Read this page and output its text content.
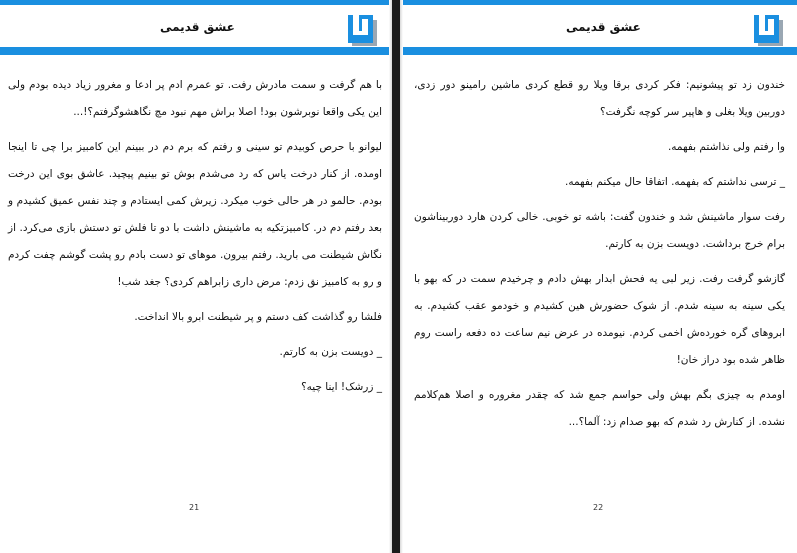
عشق قدیمی

با هم گرفت و سمت مادرش رفت. تو عمرم ادم پر ادعا و مغرور زیاد دیده بودم ولی این یکی واقعا نوبرشون بود! اصلا براش مهم نبود مچ نگاهشوگرفتم؟!...

لیوانو با حرص کوبیدم تو سینی و رفتم که برم دم در ببینم این کامبیز برا چی تا اینجا اومده. از کنار درخت یاس که رد می‌شدم بوش تو بینیم پیچید. عاشق بوی این درخت بودم. حالمو در هر حالی خوب میکرد. زیرش کمی ایستادم و چند نفس عمیق کشیدم و بعد رفتم دم در. کامبیزتکیه به ماشینش داشت با دو تا فلش تو دستش بازی می‌کرد. از نگاش شیطنت می بارید. رفتم بیرون. موهای تو دست بادم رو پشت گوشم چفت کردم و رو به کامبیز نق زدم: مرض داری زابراهم کردی؟ جغد شب!

فلشا رو گذاشت کف دستم و پر شیطنت ابرو بالا انداخت.

_ دویست بزن به کارتم.

_ زرشک! اینا چیه؟

21
عشق قدیمی

خندون زد تو پیشونیم: فکر کردی برقا ویلا رو قطع کردی ماشین رامینو دور زدی، دوربین ویلا بغلی و هاپیر سر کوچه نگرفت؟

وا رفتم ولی نذاشتم بفهمه.

_ ترسی نداشتم که بفهمه. اتفاقا حال میکنم بفهمه.

رفت سوار ماشینش شد و خندون گفت: باشه تو خوبی. خالی کردن هارد دوربیناشون برام خرج برداشت. دویست بزن به کارتم.

گازشو گرفت رفت. زیر لبی یه فحش ابدار بهش دادم و چرخیدم سمت در که بهو با یکی سینه به سینه شدم. از شوک حضورش هین کشیدم و خودمو عقب کشیدم. به ابروهای گره خورده‌ش اخمی کردم. نیومده در عرض نیم ساعت ده دفعه راست روم ظاهر شده بود دراز خان!

اومدم به چیزی بگم بهش ولی حواسم جمع شد که چقدر مغروره و اصلا هم‌کلامم نشده. از کنارش رد شدم که بهو صدام زد: آلما؟...

22
